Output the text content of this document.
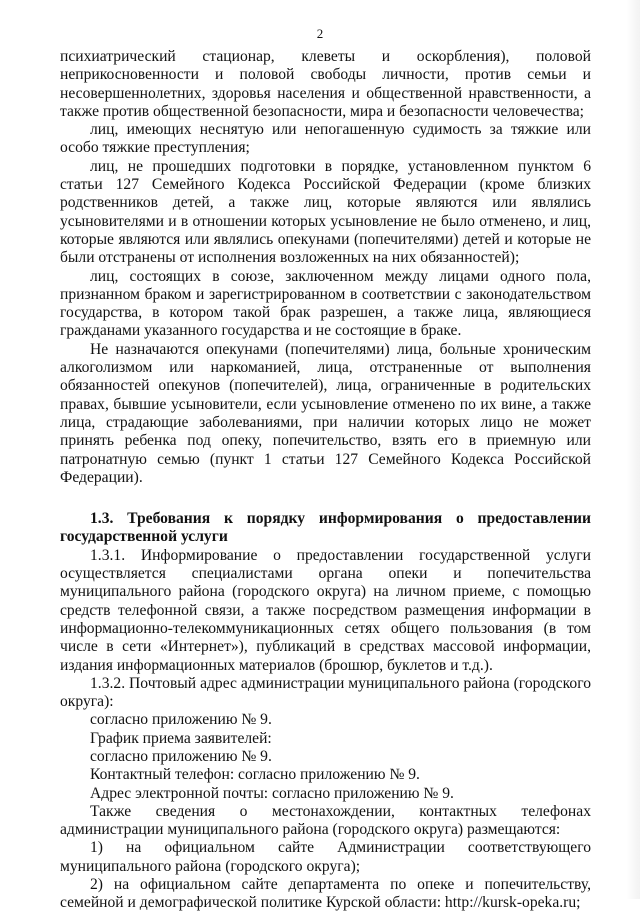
2

психиатрический стационар, клеветы и оскорбления), половой неприкосновенности и половой свободы личности, против семьи и несовершеннолетних, здоровья населения и общественной нравственности, а также против общественной безопасности, мира и безопасности человечества;

лиц, имеющих неснятую или непогашенную судимость за тяжкие или особо тяжкие преступления;

лиц, не прошедших подготовки в порядке, установленном пунктом 6 статьи 127 Семейного Кодекса Российской Федерации (кроме близких родственников детей, а также лиц, которые являются или являлись усыновителями и в отношении которых усыновление не было отменено, и лиц, которые являются или являлись опекунами (попечителями) детей и которые не были отстранены от исполнения возложенных на них обязанностей);

лиц, состоящих в союзе, заключенном между лицами одного пола, признанном браком и зарегистрированном в соответствии с законодательством государства, в котором такой брак разрешен, а также лица, являющиеся гражданами указанного государства и не состоящие в браке.

Не назначаются опекунами (попечителями) лица, больные хроническим алкоголизмом или наркоманией, лица, отстраненные от выполнения обязанностей опекунов (попечителей), лица, ограниченные в родительских правах, бывшие усыновители, если усыновление отменено по их вине, а также лица, страдающие заболеваниями, при наличии которых лицо не может принять ребенка под опеку, попечительство, взять его в приемную или патронатную семью (пункт 1 статьи 127 Семейного Кодекса Российской Федерации).

1.3. Требования к порядку информирования о предоставлении государственной услуги

1.3.1. Информирование о предоставлении государственной услуги осуществляется специалистами органа опеки и попечительства муниципального района (городского округа) на личном приеме, с помощью средств телефонной связи, а также посредством размещения информации в информационно-телекоммуникационных сетях общего пользования (в том числе в сети «Интернет»), публикаций в средствах массовой информации, издания информационных материалов (брошюр, буклетов и т.д.).

1.3.2. Почтовый адрес администрации муниципального района (городского округа):

согласно приложению № 9.

График приема заявителей:

согласно приложению № 9.

Контактный телефон: согласно приложению № 9.

Адрес электронной почты: согласно приложению № 9.

Также сведения о местонахождении, контактных телефонах администрации муниципального района (городского округа) размещаются:

1) на официальном сайте Администрации соответствующего муниципального района (городского округа);

2) на официальном сайте департамента по опеке и попечительству, семейной и демографической политике Курской области: http://kursk-opeka.ru;
